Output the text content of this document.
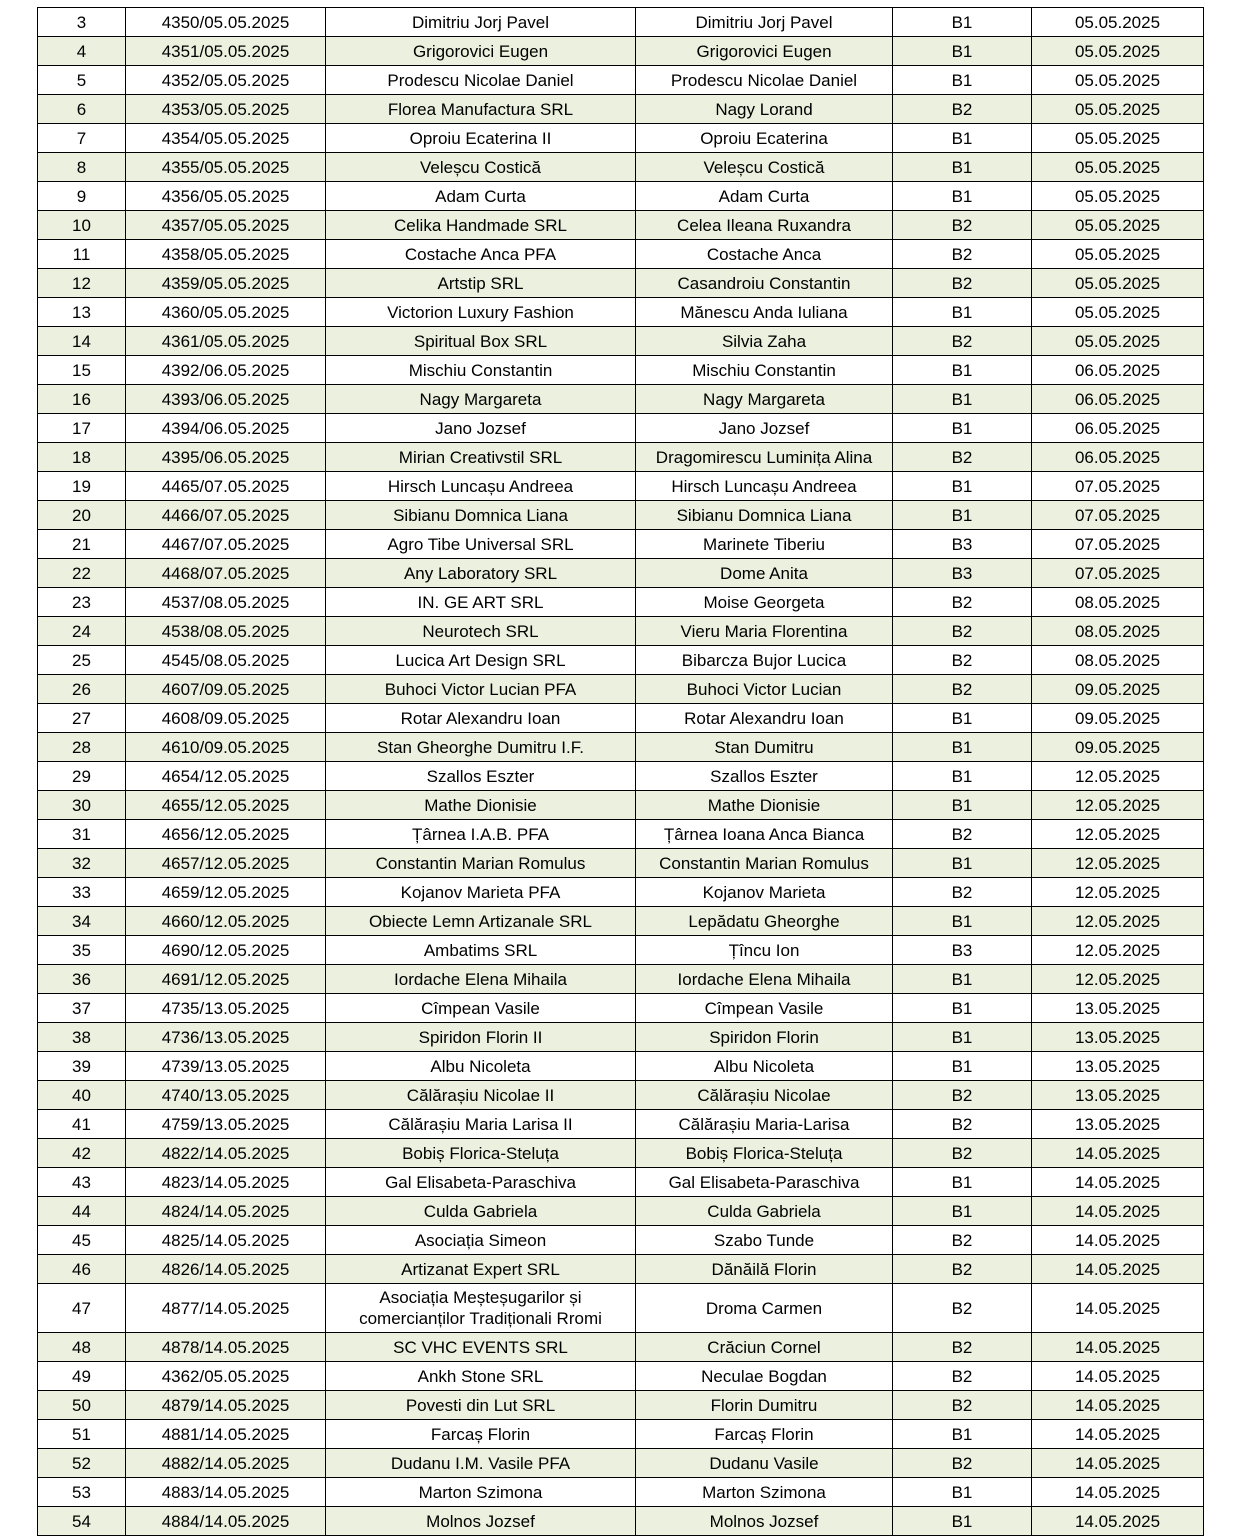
3	4350/05.05.2025	Dimitriu Jorj Pavel	Dimitriu Jorj Pavel	B1	05.05.2025
4	4351/05.05.2025	Grigorovici Eugen	Grigorovici Eugen	B1	05.05.2025
5	4352/05.05.2025	Prodescu Nicolae Daniel	Prodescu Nicolae Daniel	B1	05.05.2025
6	4353/05.05.2025	Florea Manufactura SRL	Nagy Lorand	B2	05.05.2025
7	4354/05.05.2025	Oproiu Ecaterina II	Oproiu Ecaterina	B1	05.05.2025
8	4355/05.05.2025	Veleșcu Costică	Veleșcu Costică	B1	05.05.2025
9	4356/05.05.2025	Adam Curta	Adam Curta	B1	05.05.2025
10	4357/05.05.2025	Celika Handmade SRL	Celea Ileana Ruxandra	B2	05.05.2025
11	4358/05.05.2025	Costache Anca PFA	Costache Anca	B2	05.05.2025
12	4359/05.05.2025	Artstip SRL	Casandroiu Constantin	B2	05.05.2025
13	4360/05.05.2025	Victorion Luxury Fashion	Mănescu Anda Iuliana	B1	05.05.2025
14	4361/05.05.2025	Spiritual Box SRL	Silvia Zaha	B2	05.05.2025
15	4392/06.05.2025	Mischiu Constantin	Mischiu Constantin	B1	06.05.2025
16	4393/06.05.2025	Nagy Margareta	Nagy Margareta	B1	06.05.2025
17	4394/06.05.2025	Jano Jozsef	Jano Jozsef	B1	06.05.2025
18	4395/06.05.2025	Mirian Creativstil SRL	Dragomirescu Luminița Alina	B2	06.05.2025
19	4465/07.05.2025	Hirsch Luncașu Andreea	Hirsch Luncașu Andreea	B1	07.05.2025
20	4466/07.05.2025	Sibianu Domnica Liana	Sibianu Domnica Liana	B1	07.05.2025
21	4467/07.05.2025	Agro Tibe Universal SRL	Marinete Tiberiu	B3	07.05.2025
22	4468/07.05.2025	Any Laboratory SRL	Dome Anita	B3	07.05.2025
23	4537/08.05.2025	IN. GE ART SRL	Moise Georgeta	B2	08.05.2025
24	4538/08.05.2025	Neurotech SRL	Vieru Maria Florentina	B2	08.05.2025
25	4545/08.05.2025	Lucica Art Design SRL	Bibarcza Bujor Lucica	B2	08.05.2025
26	4607/09.05.2025	Buhoci Victor Lucian PFA	Buhoci Victor Lucian	B2	09.05.2025
27	4608/09.05.2025	Rotar Alexandru Ioan	Rotar Alexandru Ioan	B1	09.05.2025
28	4610/09.05.2025	Stan Gheorghe Dumitru I.F.	Stan Dumitru	B1	09.05.2025
29	4654/12.05.2025	Szallos Eszter	Szallos Eszter	B1	12.05.2025
30	4655/12.05.2025	Mathe Dionisie	Mathe Dionisie	B1	12.05.2025
31	4656/12.05.2025	Țârnea I.A.B. PFA	Țârnea Ioana Anca Bianca	B2	12.05.2025
32	4657/12.05.2025	Constantin Marian Romulus	Constantin Marian Romulus	B1	12.05.2025
33	4659/12.05.2025	Kojanov Marieta PFA	Kojanov Marieta	B2	12.05.2025
34	4660/12.05.2025	Obiecte Lemn Artizanale SRL	Lepădatu Gheorghe	B1	12.05.2025
35	4690/12.05.2025	Ambatims SRL	Țîncu Ion	B3	12.05.2025
36	4691/12.05.2025	Iordache Elena Mihaila	Iordache Elena Mihaila	B1	12.05.2025
37	4735/13.05.2025	Cîmpean Vasile	Cîmpean Vasile	B1	13.05.2025
38	4736/13.05.2025	Spiridon Florin II	Spiridon Florin	B1	13.05.2025
39	4739/13.05.2025	Albu Nicoleta	Albu Nicoleta	B1	13.05.2025
40	4740/13.05.2025	Călărașiu Nicolae II	Călărașiu Nicolae	B2	13.05.2025
41	4759/13.05.2025	Călărașiu Maria Larisa II	Călărașiu Maria-Larisa	B2	13.05.2025
42	4822/14.05.2025	Bobiș Florica-Steluța	Bobiș Florica-Steluța	B2	14.05.2025
43	4823/14.05.2025	Gal Elisabeta-Paraschiva	Gal Elisabeta-Paraschiva	B1	14.05.2025
44	4824/14.05.2025	Culda Gabriela	Culda Gabriela	B1	14.05.2025
45	4825/14.05.2025	Asociația Simeon	Szabo Tunde	B2	14.05.2025
46	4826/14.05.2025	Artizanat Expert SRL	Dănăilă Florin	B2	14.05.2025
47	4877/14.05.2025	Asociația Meșteșugarilor și comercianților Tradiționali Rromi	Droma Carmen	B2	14.05.2025
48	4878/14.05.2025	SC VHC EVENTS SRL	Crăciun Cornel	B2	14.05.2025
49	4362/05.05.2025	Ankh Stone SRL	Neculae Bogdan	B2	14.05.2025
50	4879/14.05.2025	Povesti din Lut SRL	Florin Dumitru	B2	14.05.2025
51	4881/14.05.2025	Farcaș Florin	Farcaș Florin	B1	14.05.2025
52	4882/14.05.2025	Dudanu I.M. Vasile PFA	Dudanu Vasile	B2	14.05.2025
53	4883/14.05.2025	Marton Szimona	Marton Szimona	B1	14.05.2025
54	4884/14.05.2025	Molnos Jozsef	Molnos Jozsef	B1	14.05.2025
